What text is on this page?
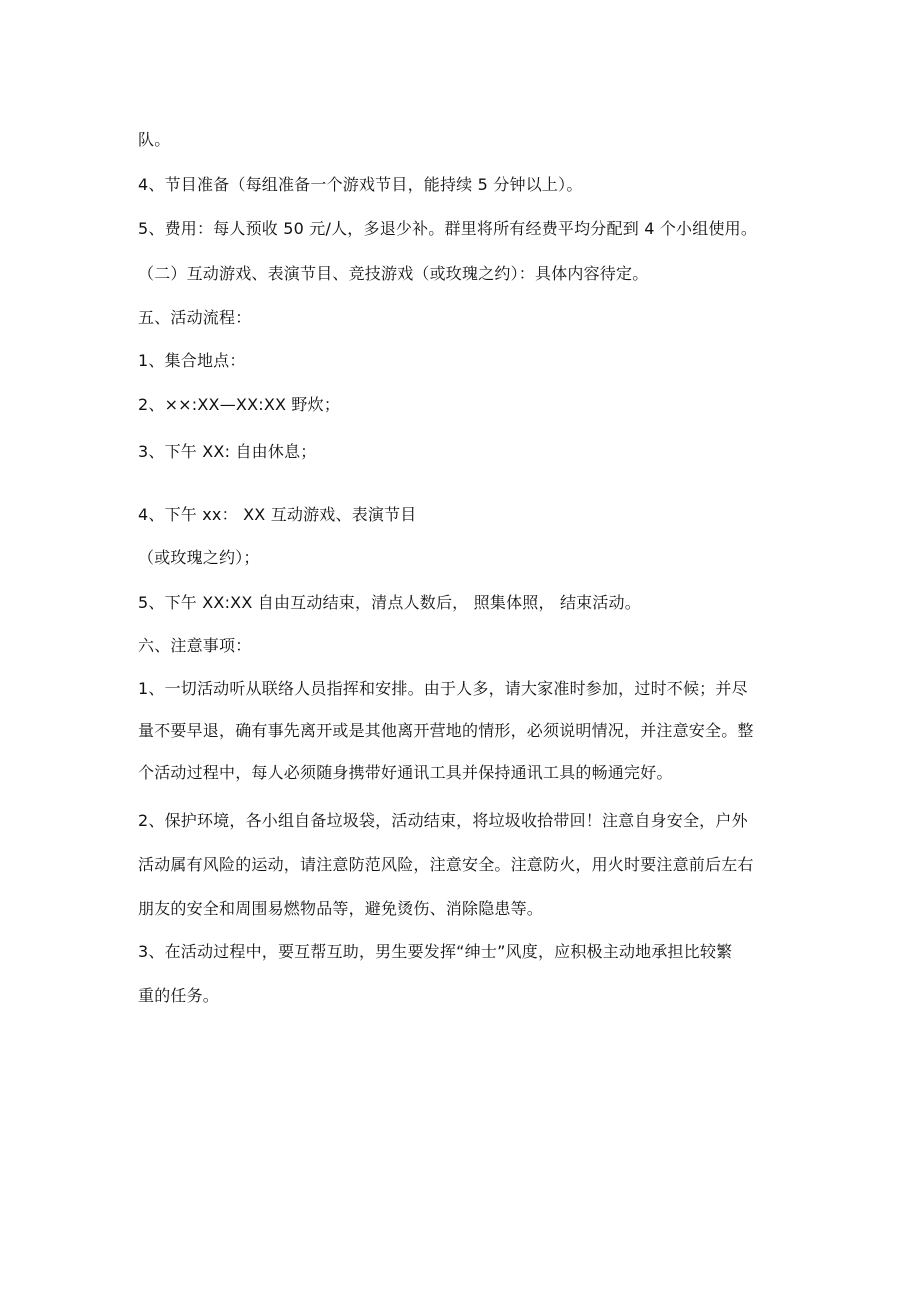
队。
4、节目准备（每组准备一个游戏节目，能持续 5 分钟以上）。
5、费用：每人预收 50 元/人，多退少补。群里将所有经费平均分配到 4 个小组使用。
（二）互动游戏、表演节目、竞技游戏（或玫瑰之约）：具体内容待定。
五、活动流程：
1、集合地点：
2、××:XX—XX:XX 野炊；
3、下午 XX: 自由休息；
4、下午 xx： XX 互动游戏、表演节目
（或玫瑰之约）；
5、下午 XX:XX 自由互动结束，清点人数后， 照集体照， 结束活动。
六、注意事项：
1、一切活动听从联络人员指挥和安排。由于人多，请大家准时参加，过时不候；并尽
量不要早退，确有事先离开或是其他离开营地的情形，必须说明情况，并注意安全。整
个活动过程中，每人必须随身携带好通讯工具并保持通讯工具的畅通完好。
2、保护环境，各小组自备垃圾袋，活动结束，将垃圾收拾带回！注意自身安全，户外
活动属有风险的运动，请注意防范风险，注意安全。注意防火，用火时要注意前后左右
朋友的安全和周围易燃物品等，避免烫伤、消除隐患等。
3、在活动过程中，要互帮互助，男生要发挥“绅士”风度，应积极主动地承担比较繁
重的任务。
